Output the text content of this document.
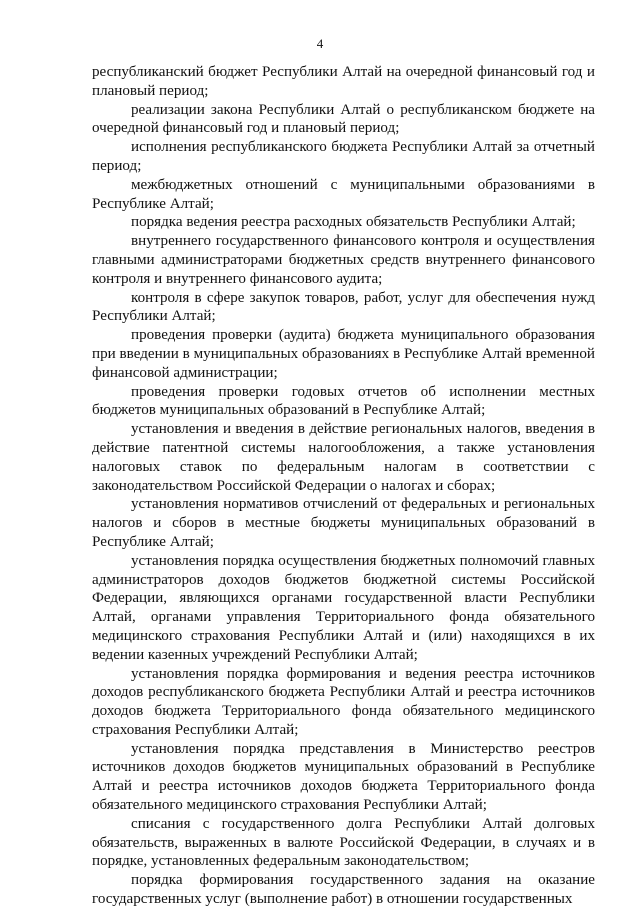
4

республиканский бюджет Республики Алтай на очередной финансовый год и плановый период;

реализации закона Республики Алтай о республиканском бюджете на очередной финансовый год и плановый период;

исполнения республиканского бюджета Республики Алтай за отчетный период;

межбюджетных отношений с муниципальными образованиями в Республике Алтай;

порядка ведения реестра расходных обязательств Республики Алтай;

внутреннего государственного финансового контроля и осуществления главными администраторами бюджетных средств внутреннего финансового контроля и внутреннего финансового аудита;

контроля в сфере закупок товаров, работ, услуг для обеспечения нужд Республики Алтай;

проведения проверки (аудита) бюджета муниципального образования при введении в муниципальных образованиях в Республике Алтай временной финансовой администрации;

проведения проверки годовых отчетов об исполнении местных бюджетов муниципальных образований в Республике Алтай;

установления и введения в действие региональных налогов, введения в действие патентной системы налогообложения, а также установления налоговых ставок по федеральным налогам в соответствии с законодательством Российской Федерации о налогах и сборах;

установления нормативов отчислений от федеральных и региональных налогов и сборов в местные бюджеты муниципальных образований в Республике Алтай;

установления порядка осуществления бюджетных полномочий главных администраторов доходов бюджетов бюджетной системы Российской Федерации, являющихся органами государственной власти Республики Алтай, органами управления Территориального фонда обязательного медицинского страхования Республики Алтай и (или) находящихся в их ведении казенных учреждений Республики Алтай;

установления порядка формирования и ведения реестра источников доходов республиканского бюджета Республики Алтай и реестра источников доходов бюджета Территориального фонда обязательного медицинского страхования Республики Алтай;

установления порядка представления в Министерство реестров источников доходов бюджетов муниципальных образований в Республике Алтай и реестра источников доходов бюджета Территориального фонда обязательного медицинского страхования Республики Алтай;

списания с государственного долга Республики Алтай долговых обязательств, выраженных в валюте Российской Федерации, в случаях и в порядке, установленных федеральным законодательством;

порядка формирования государственного задания на оказание государственных услуг (выполнение работ) в отношении государственных
